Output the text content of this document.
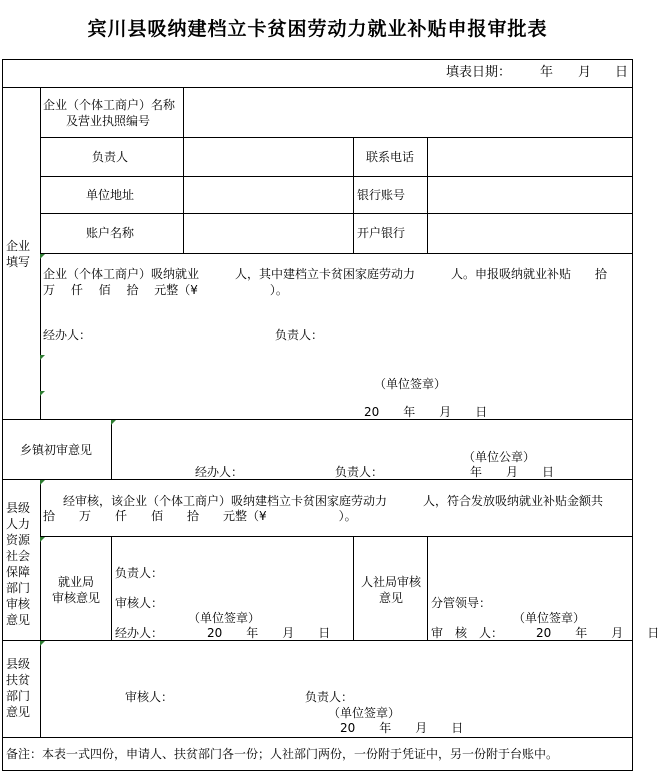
宾川县吸纳建档立卡贫困劳动力就业补贴申报审批表
填表日期： 年 月 日
企业
填写
企业（个体工商户）名称
及营业执照编号
负责人	联系电话
单位地址	银行账号
账户名称	开户银行
企业（个体工商户）吸纳就业　　　人，其中建档立卡贫困家庭劳动力　　　人。申报吸纳就业补贴　　拾
万　 仟　 佰　 拾　 元整（¥　　　　　　）。
经办人：	负责人：
（单位签章）
20　　年　　月　　日
乡镇初审意见	（单位公章）
经办人：	负责人：	年　　月　　日
县级
人力
资源
社会
保障
部门
审核
意见
经审核，该企业（个体工商户）吸纳建档立卡贫困家庭劳动力　　　人，符合发放吸纳就业补贴金额共
拾　　万　　仟　　佰　　拾　　元整（¥　　　　　　）。
就业局
审核意见
负责人：
审核人：
（单位签章）
经办人：	20　　年　　月　　日
人社局审核
意见	分管领导：
（单位签章）
审　核　人：	20　　年　　月　　日
县级
扶贫
部门
意见
审核人：	负责人：
（单位签章）
20　　年　　月　　日
备注：本表一式四份，申请人、扶贫部门各一份；人社部门两份，一份附于凭证中，另一份附于台账中。
